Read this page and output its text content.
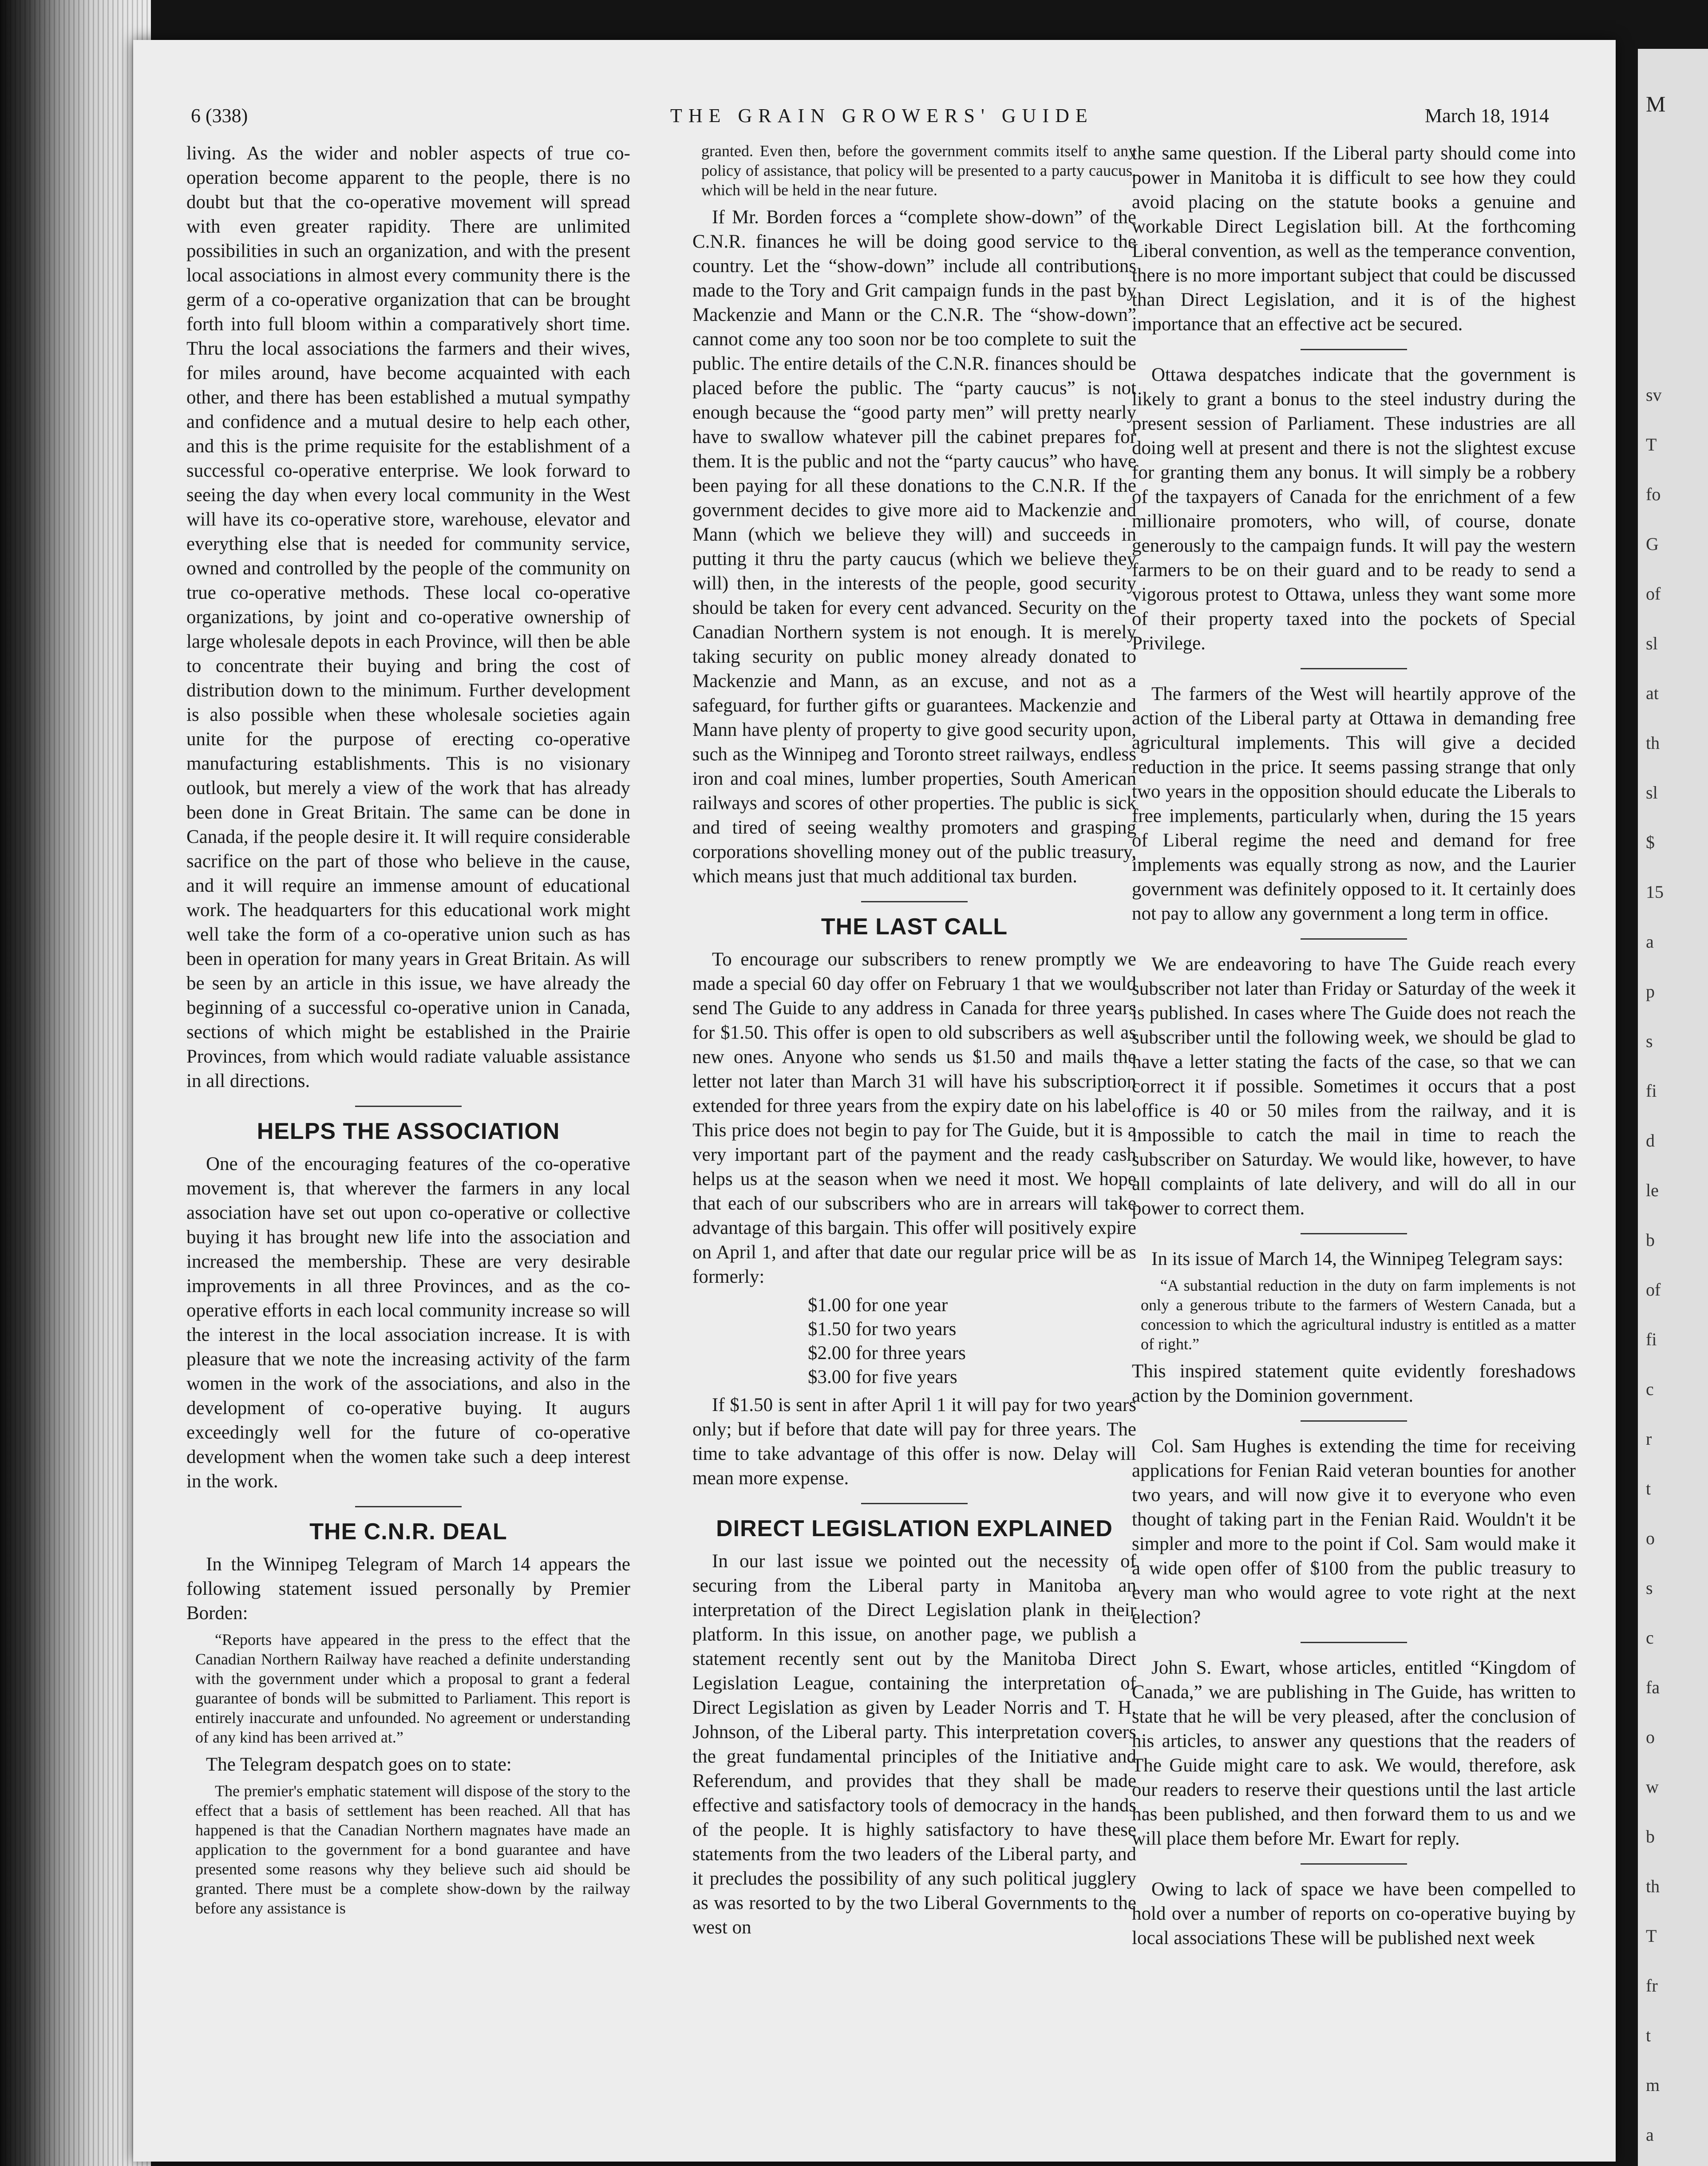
M
sv
T
fo
G
of
sl
at
th
sl
$
15
a
p
s
fi
d
le
b
of
fi
c
r
t
o
s
c
fa
o
w
b
th
T
fr
t
m
a
6 (338)	THE GRAIN GROWERS' GUIDE	March 18, 1914

living. As the wider and nobler aspects of true co-operation become apparent to the people, there is no doubt but that the co-operative movement will spread with even greater rapidity. There are unlimited possibilities in such an organization, and with the present local associations in almost every community there is the germ of a co-operative organization that can be brought forth into full bloom within a comparatively short time. Thru the local associations the farmers and their wives, for miles around, have become acquainted with each other, and there has been established a mutual sympathy and confidence and a mutual desire to help each other, and this is the prime requisite for the establishment of a successful co-operative enterprise. We look forward to seeing the day when every local community in the West will have its co-operative store, warehouse, elevator and everything else that is needed for community service, owned and controlled by the people of the community on true co-operative methods. These local co-operative organizations, by joint and co-operative ownership of large wholesale depots in each Province, will then be able to concentrate their buying and bring the cost of distribution down to the minimum. Further development is also possible when these wholesale societies again unite for the purpose of erecting co-operative manufacturing establishments. This is no visionary outlook, but merely a view of the work that has already been done in Great Britain. The same can be done in Canada, if the people desire it. It will require considerable sacrifice on the part of those who believe in the cause, and it will require an immense amount of educational work. The headquarters for this educational work might well take the form of a co-operative union such as has been in operation for many years in Great Britain. As will be seen by an article in this issue, we have already the beginning of a successful co-operative union in Canada, sections of which might be established in the Prairie Provinces, from which would radiate valuable assistance in all directions.

HELPS THE ASSOCIATION

One of the encouraging features of the co-operative movement is, that wherever the farmers in any local association have set out upon co-operative or collective buying it has brought new life into the association and increased the membership. These are very desirable improvements in all three Provinces, and as the co-operative efforts in each local community increase so will the interest in the local association increase. It is with pleasure that we note the increasing activity of the farm women in the work of the associations, and also in the development of co-operative buying. It augurs exceedingly well for the future of co-operative development when the women take such a deep interest in the work.

THE C.N.R. DEAL

In the Winnipeg Telegram of March 14 appears the following statement issued personally by Premier Borden:

“Reports have appeared in the press to the effect that the Canadian Northern Railway have reached a definite understanding with the government under which a proposal to grant a federal guarantee of bonds will be submitted to Parliament. This report is entirely inaccurate and unfounded. No agreement or understanding of any kind has been arrived at.”

The Telegram despatch goes on to state:

The premier's emphatic statement will dispose of the story to the effect that a basis of settlement has been reached. All that has happened is that the Canadian Northern magnates have made an application to the government for a bond guarantee and have presented some reasons why they believe such aid should be granted. There must be a complete show-down by the railway before any assistance is
granted. Even then, before the government commits itself to any policy of assistance, that policy will be presented to a party caucus, which will be held in the near future.

If Mr. Borden forces a “complete show-down” of the C.N.R. finances he will be doing good service to the country. Let the “show-down” include all contributions made to the Tory and Grit campaign funds in the past by Mackenzie and Mann or the C.N.R. The “show-down” cannot come any too soon nor be too complete to suit the public. The entire details of the C.N.R. finances should be placed before the public. The “party caucus” is not enough because the “good party men” will pretty nearly have to swallow whatever pill the cabinet prepares for them. It is the public and not the “party caucus” who have been paying for all these donations to the C.N.R. If the government decides to give more aid to Mackenzie and Mann (which we believe they will) and succeeds in putting it thru the party caucus (which we believe they will) then, in the interests of the people, good security should be taken for every cent advanced. Security on the Canadian Northern system is not enough. It is merely taking security on public money already donated to Mackenzie and Mann, as an excuse, and not as a safeguard, for further gifts or guarantees. Mackenzie and Mann have plenty of property to give good security upon, such as the Winnipeg and Toronto street railways, endless iron and coal mines, lumber properties, South American railways and scores of other properties. The public is sick and tired of seeing wealthy promoters and grasping corporations shovelling money out of the public treasury, which means just that much additional tax burden.

THE LAST CALL

To encourage our subscribers to renew promptly we made a special 60 day offer on February 1 that we would send The Guide to any address in Canada for three years for $1.50. This offer is open to old subscribers as well as new ones. Anyone who sends us $1.50 and mails the letter not later than March 31 will have his subscription extended for three years from the expiry date on his label. This price does not begin to pay for The Guide, but it is a very important part of the payment and the ready cash helps us at the season when we need it most. We hope that each of our subscribers who are in arrears will take advantage of this bargain. This offer will positively expire on April 1, and after that date our regular price will be as formerly:

$1.00 for one year
$1.50 for two years
$2.00 for three years
$3.00 for five years

If $1.50 is sent in after April 1 it will pay for two years only; but if before that date will pay for three years. The time to take advantage of this offer is now. Delay will mean more expense.

DIRECT LEGISLATION EXPLAINED

In our last issue we pointed out the necessity of securing from the Liberal party in Manitoba an interpretation of the Direct Legislation plank in their platform. In this issue, on another page, we publish a statement recently sent out by the Manitoba Direct Legislation League, containing the interpretation of Direct Legislation as given by Leader Norris and T. H. Johnson, of the Liberal party. This interpretation covers the great fundamental principles of the Initiative and Referendum, and provides that they shall be made effective and satisfactory tools of democracy in the hands of the people. It is highly satisfactory to have these statements from the two leaders of the Liberal party, and it precludes the possibility of any such political jugglery as was resorted to by the two Liberal Governments to the west on

the same question. If the Liberal party should come into power in Manitoba it is difficult to see how they could avoid placing on the statute books a genuine and workable Direct Legislation bill. At the forthcoming Liberal convention, as well as the temperance convention, there is no more important subject that could be discussed than Direct Legislation, and it is of the highest importance that an effective act be secured.

Ottawa despatches indicate that the government is likely to grant a bonus to the steel industry during the present session of Parliament. These industries are all doing well at present and there is not the slightest excuse for granting them any bonus. It will simply be a robbery of the taxpayers of Canada for the enrichment of a few millionaire promoters, who will, of course, donate generously to the campaign funds. It will pay the western farmers to be on their guard and to be ready to send a vigorous protest to Ottawa, unless they want some more of their property taxed into the pockets of Special Privilege.

The farmers of the West will heartily approve of the action of the Liberal party at Ottawa in demanding free agricultural implements. This will give a decided reduction in the price. It seems passing strange that only two years in the opposition should educate the Liberals to free implements, particularly when, during the 15 years of Liberal regime the need and demand for free implements was equally strong as now, and the Laurier government was definitely opposed to it. It certainly does not pay to allow any government a long term in office.

We are endeavoring to have The Guide reach every subscriber not later than Friday or Saturday of the week it is published. In cases where The Guide does not reach the subscriber until the following week, we should be glad to have a letter stating the facts of the case, so that we can correct it if possible. Sometimes it occurs that a post office is 40 or 50 miles from the railway, and it is impossible to catch the mail in time to reach the subscriber on Saturday. We would like, however, to have all complaints of late delivery, and will do all in our power to correct them.

In its issue of March 14, the Winnipeg Telegram says:

“A substantial reduction in the duty on farm implements is not only a generous tribute to the farmers of Western Canada, but a concession to which the agricultural industry is entitled as a matter of right.”

This inspired statement quite evidently foreshadows action by the Dominion government.

Col. Sam Hughes is extending the time for receiving applications for Fenian Raid veteran bounties for another two years, and will now give it to everyone who even thought of taking part in the Fenian Raid. Wouldn't it be simpler and more to the point if Col. Sam would make it a wide open offer of $100 from the public treasury to every man who would agree to vote right at the next election?

John S. Ewart, whose articles, entitled “Kingdom of Canada,” we are publishing in The Guide, has written to state that he will be very pleased, after the conclusion of his articles, to answer any questions that the readers of The Guide might care to ask. We would, therefore, ask our readers to reserve their questions until the last article has been published, and then forward them to us and we will place them before Mr. Ewart for reply.

Owing to lack of space we have been compelled to hold over a number of reports on co-operative buying by local associations These will be published next week
